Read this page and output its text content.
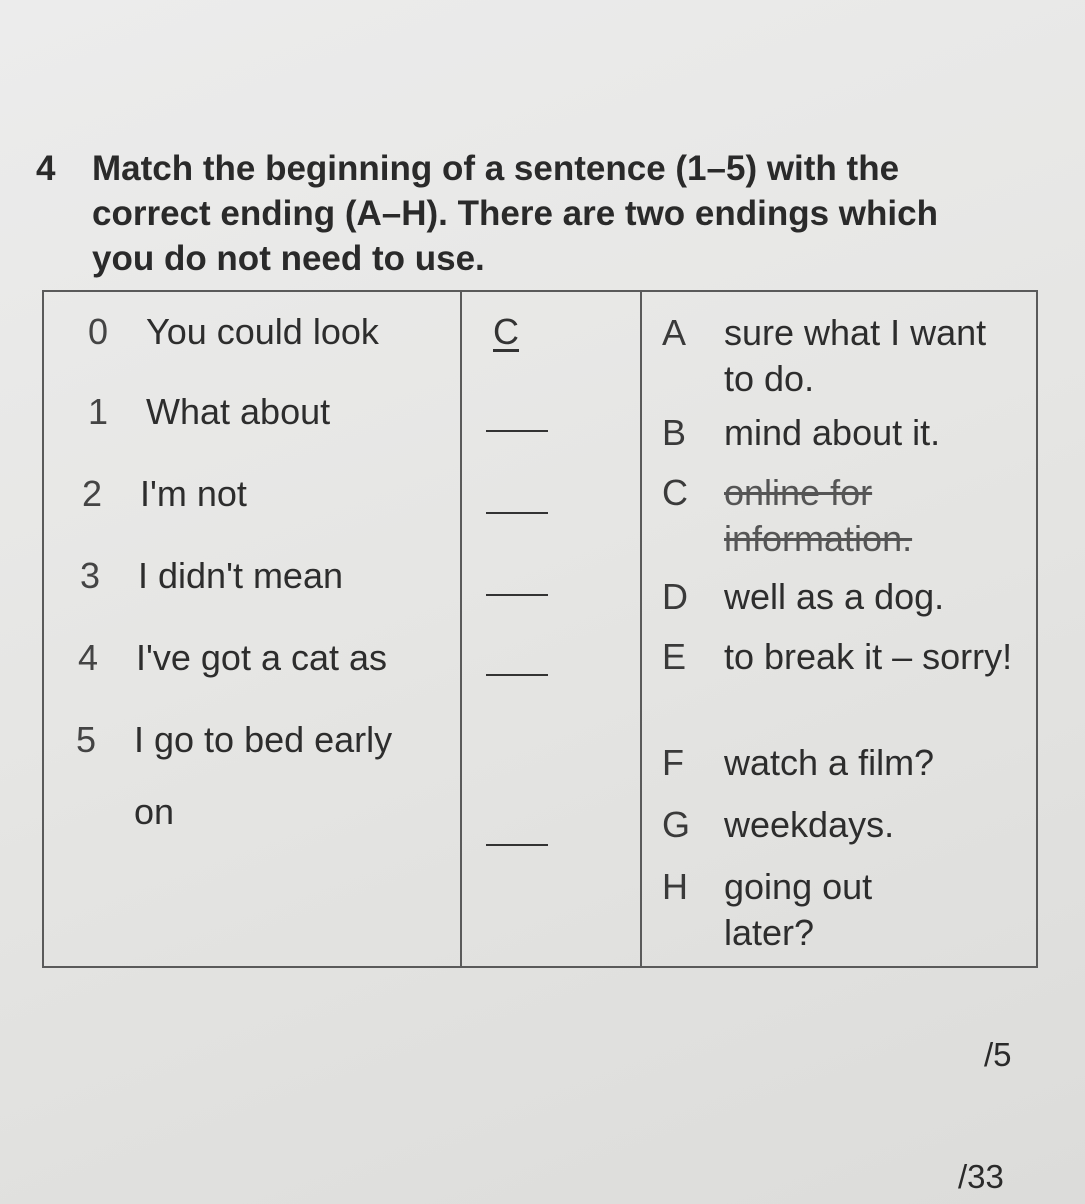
4 Match the beginning of a sentence (1–5) with the correct ending (A–H). There are two endings which you do not need to use.
0 You could look
1 What about
2 I'm not
3 I didn't mean
4 I've got a cat as
5 I go to bed early
on
C	A sure what I want to do.
B mind about it.
C online for information.
D well as a dog.
E to break it – sorry!
F watch a film?
G weekdays.
H going out later?
/5
/33
